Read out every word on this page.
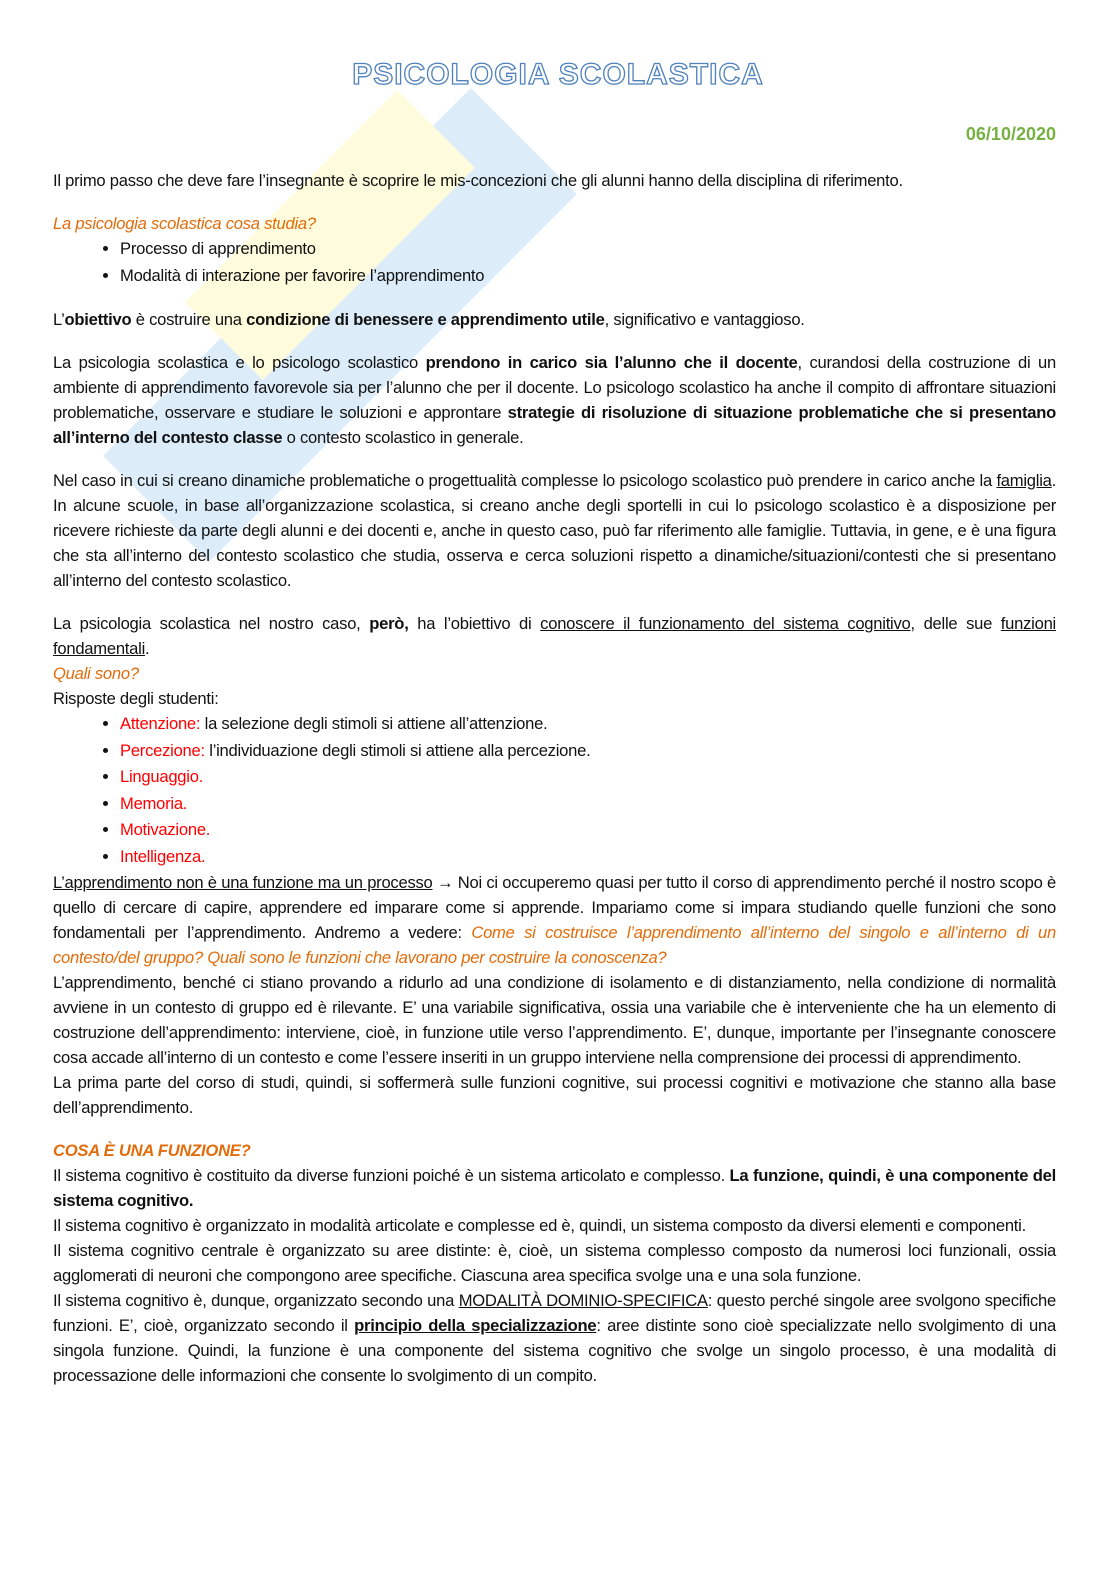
PSICOLOGIA SCOLASTICA
06/10/2020

Il primo passo che deve fare l’insegnante è scoprire le mis-concezioni che gli alunni hanno della disciplina di riferimento.

La psicologia scolastica cosa studia?

• Processo di apprendimento
• Modalità di interazione per favorire l’apprendimento

L’obiettivo è costruire una condizione di benessere e apprendimento utile, significativo e vantaggioso.

La psicologia scolastica e lo psicologo scolastico prendono in carico sia l’alunno che il docente, curandosi della costruzione di un ambiente di apprendimento favorevole sia per l’alunno che per il docente. Lo psicologo scolastico ha anche il compito di affrontare situazioni problematiche, osservare e studiare le soluzioni e approntare strategie di risoluzione di situazione problematiche che si presentano all’interno del contesto classe o contesto scolastico in generale.

Nel caso in cui si creano dinamiche problematiche o progettualità complesse lo psicologo scolastico può prendere in carico anche la famiglia. In alcune scuole, in base all’organizzazione scolastica, si creano anche degli sportelli in cui lo psicologo scolastico è a disposizione per ricevere richieste da parte degli alunni e dei docenti e, anche in questo caso, può far riferimento alle famiglie. Tuttavia, in gene, e è una figura che sta all’interno del contesto scolastico che studia, osserva e cerca soluzioni rispetto a dinamiche/situazioni/contesti che si presentano all’interno del contesto scolastico.

La psicologia scolastica nel nostro caso, però, ha l’obiettivo di conoscere il funzionamento del sistema cognitivo, delle sue funzioni fondamentali.

Quali sono?

Risposte degli studenti:

• Attenzione: la selezione degli stimoli si attiene all’attenzione.
• Percezione: l’individuazione degli stimoli si attiene alla percezione.
• Linguaggio.
• Memoria.
• Motivazione.
• Intelligenza.

L’apprendimento non è una funzione ma un processo → Noi ci occuperemo quasi per tutto il corso di apprendimento perché il nostro scopo è quello di cercare di capire, apprendere ed imparare come si apprende. Impariamo come si impara studiando quelle funzioni che sono fondamentali per l’apprendimento. Andremo a vedere: Come si costruisce l’apprendimento all’interno del singolo e all’interno di un contesto/del gruppo? Quali sono le funzioni che lavorano per costruire la conoscenza?

L’apprendimento, benché ci stiano provando a ridurlo ad una condizione di isolamento e di distanziamento, nella condizione di normalità avviene in un contesto di gruppo ed è rilevante. E’ una variabile significativa, ossia una variabile che è interveniente che ha un elemento di costruzione dell’apprendimento: interviene, cioè, in funzione utile verso l’apprendimento. E’, dunque, importante per l’insegnante conoscere cosa accade all’interno di un contesto e come l’essere inseriti in un gruppo interviene nella comprensione dei processi di apprendimento.

La prima parte del corso di studi, quindi, si soffermerà sulle funzioni cognitive, sui processi cognitivi e motivazione che stanno alla base dell’apprendimento.

COSA È UNA FUNZIONE?

Il sistema cognitivo è costituito da diverse funzioni poiché è un sistema articolato e complesso. La funzione, quindi, è una componente del sistema cognitivo.

Il sistema cognitivo è organizzato in modalità articolate e complesse ed è, quindi, un sistema composto da diversi elementi e componenti.

Il sistema cognitivo centrale è organizzato su aree distinte: è, cioè, un sistema complesso composto da numerosi loci funzionali, ossia agglomerati di neuroni che compongono aree specifiche. Ciascuna area specifica svolge una e una sola funzione.

Il sistema cognitivo è, dunque, organizzato secondo una MODALITÀ DOMINIO-SPECIFICA: questo perché singole aree svolgono specifiche funzioni. E’, cioè, organizzato secondo il principio della specializzazione: aree distinte sono cioè specializzate nello svolgimento di una singola funzione. Quindi, la funzione è una componente del sistema cognitivo che svolge un singolo processo, è una modalità di processazione delle informazioni che consente lo svolgimento di un compito.
